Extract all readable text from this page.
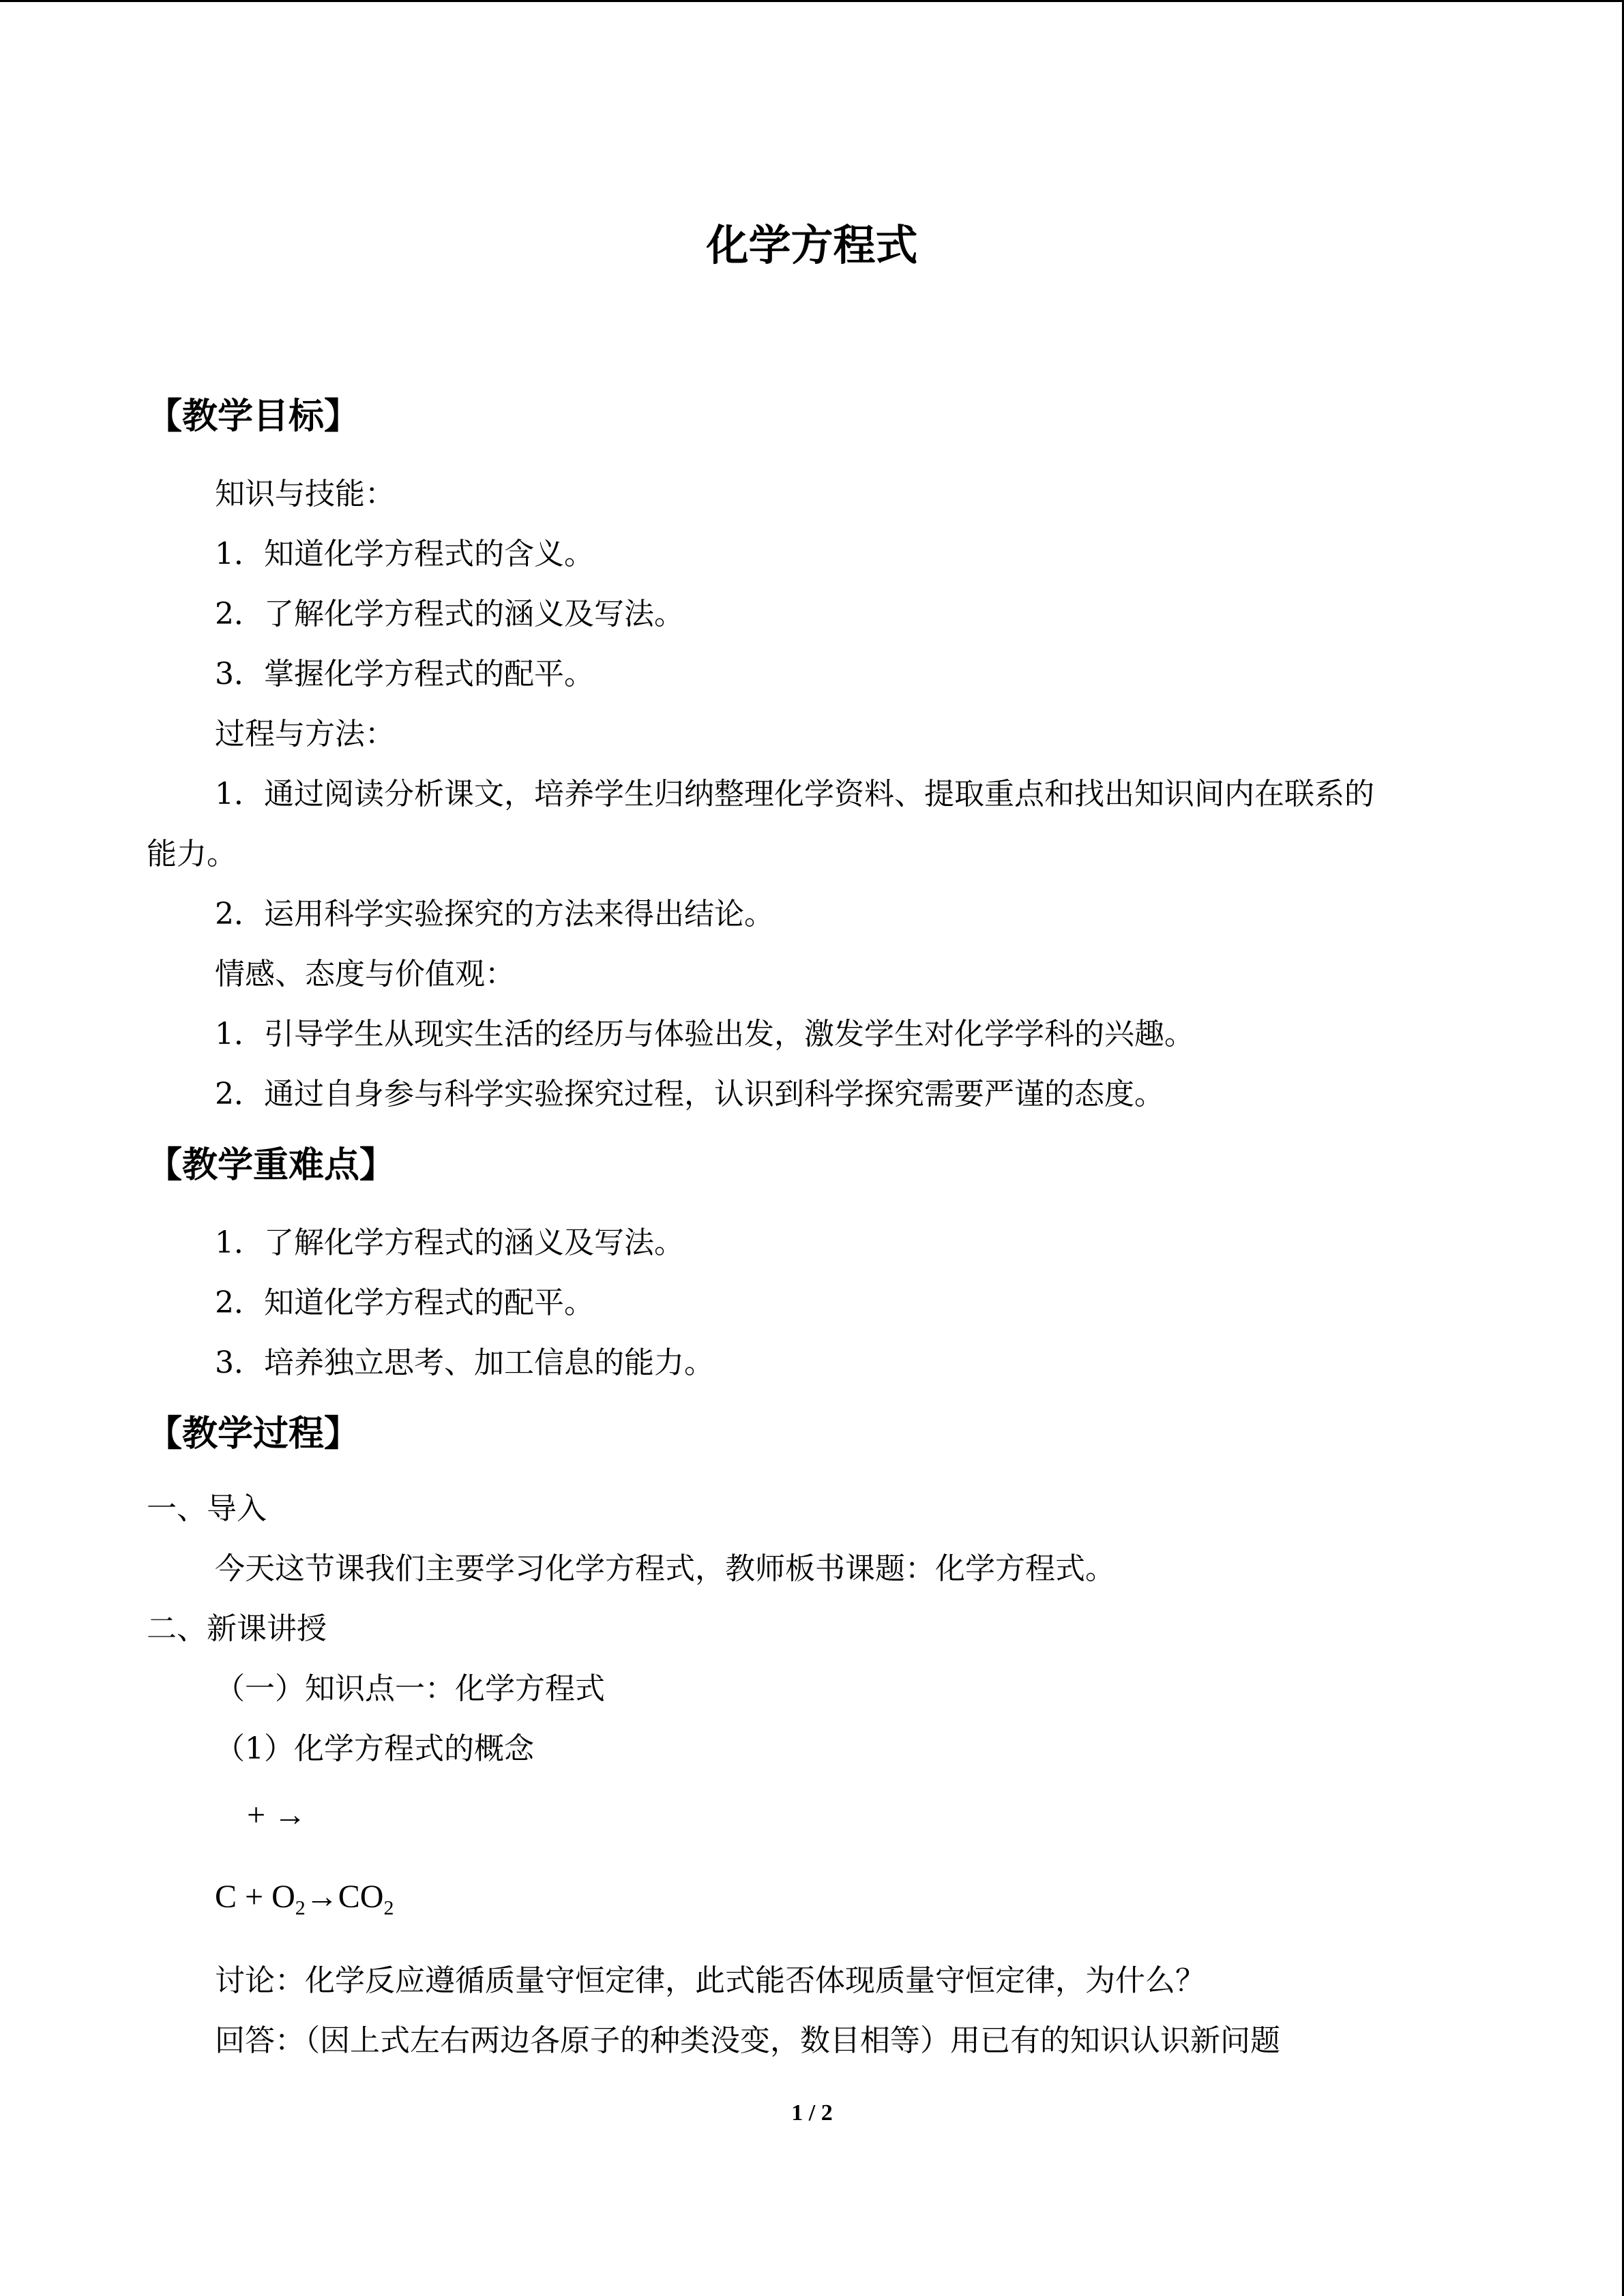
化学方程式
【教学目标】
知识与技能：
1．知道化学方程式的含义。
2．了解化学方程式的涵义及写法。
3．掌握化学方程式的配平。
过程与方法：
1．通过阅读分析课文，培养学生归纳整理化学资料、提取重点和找出知识间内在联系的
能力。
2．运用科学实验探究的方法来得出结论。
情感、态度与价值观：
1．引导学生从现实生活的经历与体验出发，激发学生对化学学科的兴趣。
2．通过自身参与科学实验探究过程，认识到科学探究需要严谨的态度。
【教学重难点】
1．了解化学方程式的涵义及写法。
2．知道化学方程式的配平。
3．培养独立思考、加工信息的能力。
【教学过程】
一、导入
今天这节课我们主要学习化学方程式，教师板书课题：化学方程式。
二、新课讲授
（一）知识点一：化学方程式
（1）化学方程式的概念
+ →
$C + O_2\to CO_2$
讨论：化学反应遵循质量守恒定律，此式能否体现质量守恒定律，为什么？
回答：（因上式左右两边各原子的种类没变，数目相等）用已有的知识认识新问题
1 / 2
